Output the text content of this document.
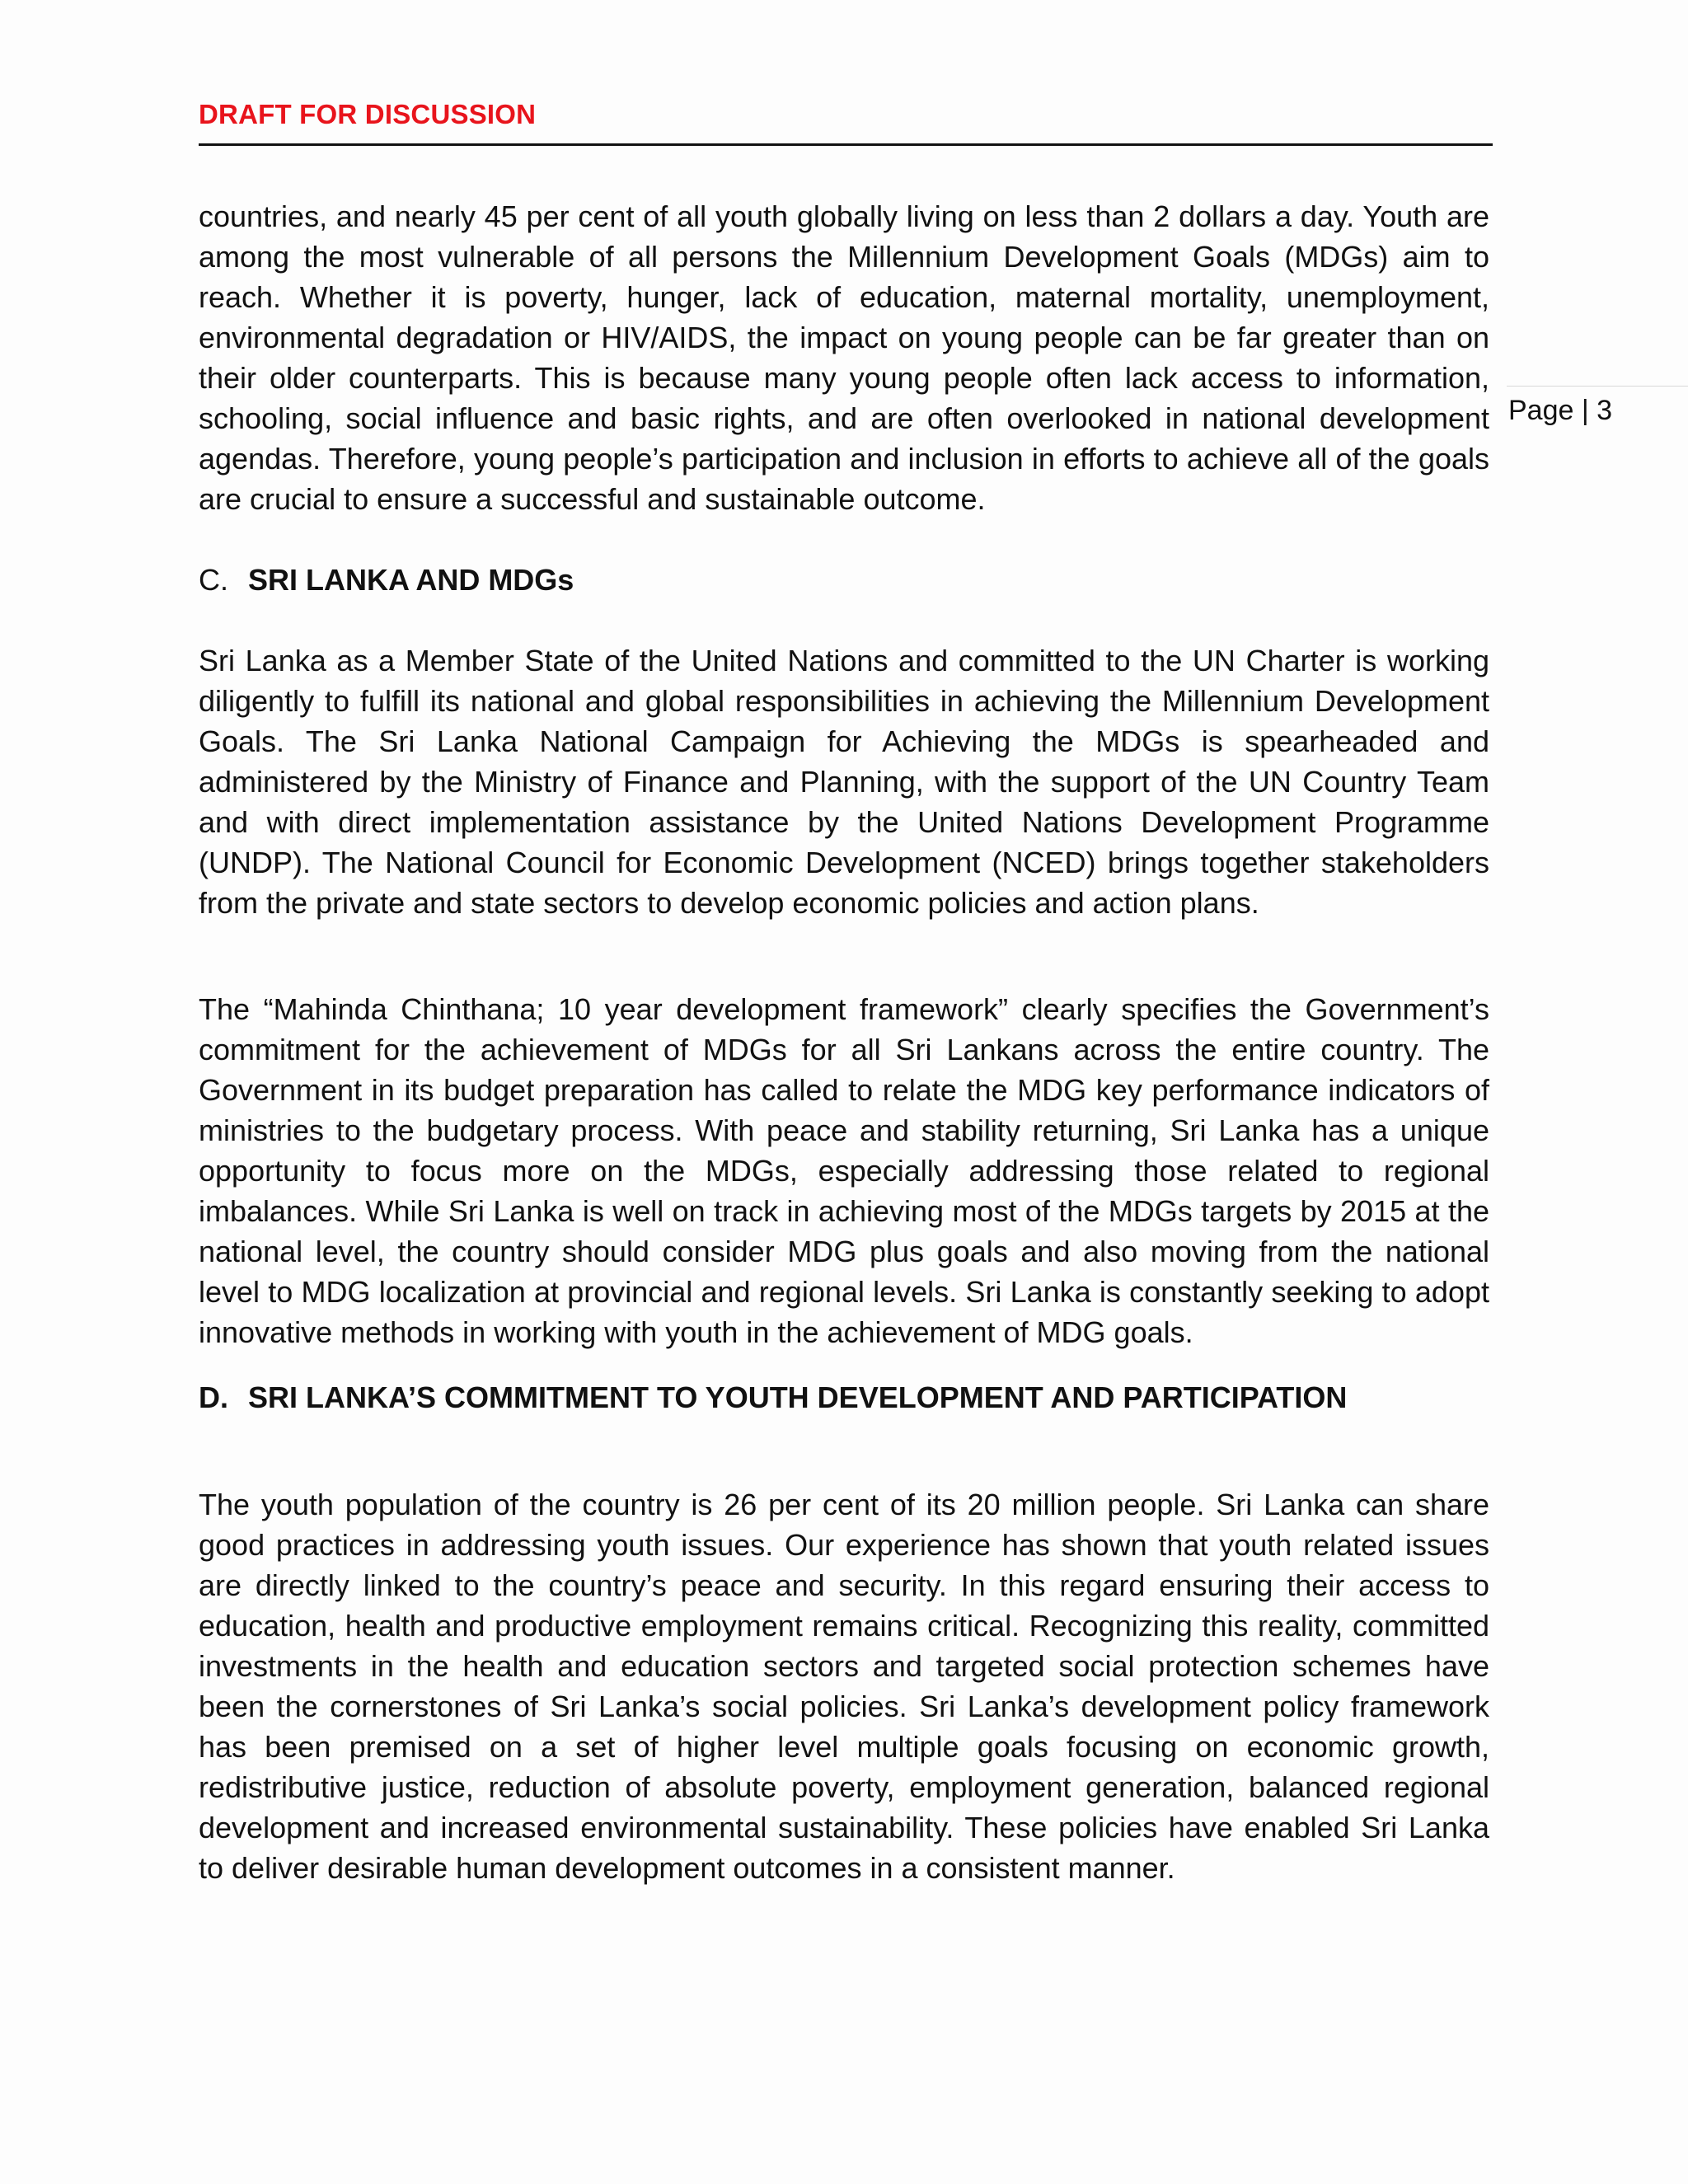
DRAFT FOR DISCUSSION
Page | 3

countries, and nearly 45 per cent of all youth globally living on less than 2 dollars a day. Youth are among the most vulnerable of all persons the Millennium Development Goals (MDGs) aim to reach. Whether it is poverty, hunger, lack of education, maternal mortality, unemployment, environmental degradation or HIV/AIDS, the impact on young people can be far greater than on their older counterparts. This is because many young people often lack access to information, schooling, social influence and basic rights, and are often overlooked in national development agendas. Therefore, young people’s participation and inclusion in efforts to achieve all of the goals are crucial to ensure a successful and sustainable outcome.

C. SRI LANKA AND MDGs

Sri Lanka as a Member State of the United Nations and committed to the UN Charter is working diligently to fulfill its national and global responsibilities in achieving the Millennium Development Goals. The Sri Lanka National Campaign for Achieving the MDGs is spearheaded and administered by the Ministry of Finance and Planning, with the support of the UN Country Team and with direct implementation assistance by the United Nations Development Programme (UNDP). The National Council for Economic Development (NCED) brings together stakeholders from the private and state sectors to develop economic policies and action plans.

The “Mahinda Chinthana; 10 year development framework” clearly specifies the Government’s commitment for the achievement of MDGs for all Sri Lankans across the entire country. The Government in its budget preparation has called to relate the MDG key performance indicators of ministries to the budgetary process. With peace and stability returning, Sri Lanka has a unique opportunity to focus more on the MDGs, especially addressing those related to regional imbalances. While Sri Lanka is well on track in achieving most of the MDGs targets by 2015 at the national level, the country should consider MDG plus goals and also moving from the national level to MDG localization at provincial and regional levels. Sri Lanka is constantly seeking to adopt innovative methods in working with youth in the achievement of MDG goals.

D. SRI LANKA’S COMMITMENT TO YOUTH DEVELOPMENT AND PARTICIPATION

The youth population of the country is 26 per cent of its 20 million people. Sri Lanka can share good practices in addressing youth issues. Our experience has shown that youth related issues are directly linked to the country’s peace and security. In this regard ensuring their access to education, health and productive employment remains critical. Recognizing this reality, committed investments in the health and education sectors and targeted social protection schemes have been the cornerstones of Sri Lanka’s social policies. Sri Lanka’s development policy framework has been premised on a set of higher level multiple goals focusing on economic growth, redistributive justice, reduction of absolute poverty, employment generation, balanced regional development and increased environmental sustainability. These policies have enabled Sri Lanka to deliver desirable human development outcomes in a consistent manner.
